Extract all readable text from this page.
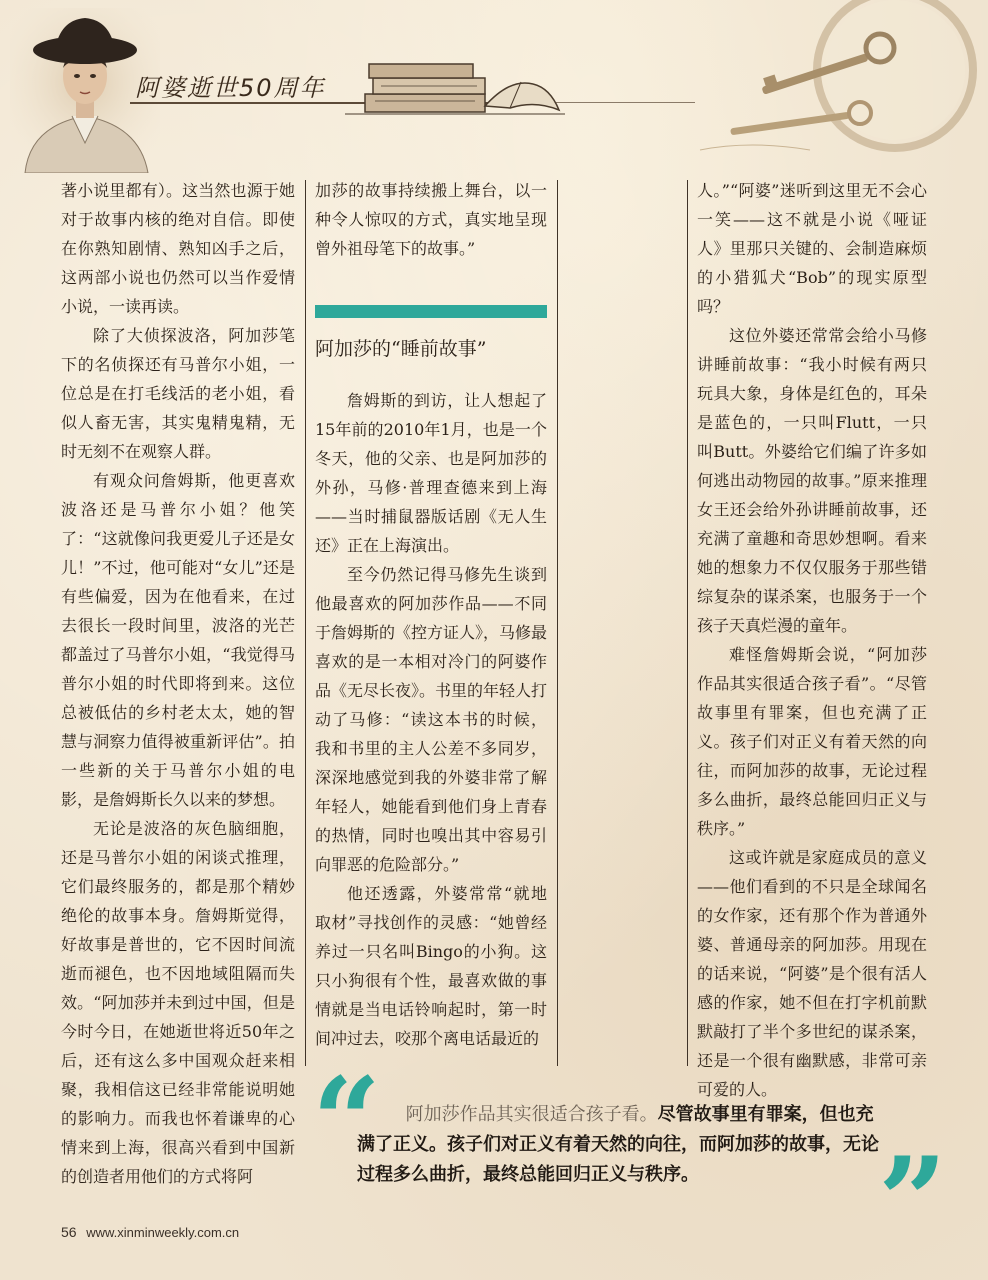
阿婆逝世50周年

著小说里都有）。这当然也源于她对于故事内核的绝对自信。即使在你熟知剧情、熟知凶手之后，这两部小说也仍然可以当作爱情小说，一读再读。

除了大侦探波洛，阿加莎笔下的名侦探还有马普尔小姐，一位总是在打毛线活的老小姐，看似人畜无害，其实鬼精鬼精，无时无刻不在观察人群。

有观众问詹姆斯，他更喜欢波洛还是马普尔小姐？他笑了：“这就像问我更爱儿子还是女儿！”不过，他可能对“女儿”还是有些偏爱，因为在他看来，在过去很长一段时间里，波洛的光芒都盖过了马普尔小姐，“我觉得马普尔小姐的时代即将到来。这位总被低估的乡村老太太，她的智慧与洞察力值得被重新评估”。拍一些新的关于马普尔小姐的电影，是詹姆斯长久以来的梦想。

无论是波洛的灰色脑细胞，还是马普尔小姐的闲谈式推理，它们最终服务的，都是那个精妙绝伦的故事本身。詹姆斯觉得，好故事是普世的，它不因时间流逝而褪色，也不因地域阻隔而失效。“阿加莎并未到过中国，但是今时今日，在她逝世将近50年之后，还有这么多中国观众赶来相聚，我相信这已经非常能说明她的影响力。而我也怀着谦卑的心情来到上海，很高兴看到中国新的创造者用他们的方式将阿

加莎的故事持续搬上舞台，以一种令人惊叹的方式，真实地呈现曾外祖母笔下的故事。”

阿加莎的“睡前故事”

詹姆斯的到访，让人想起了15年前的2010年1月，也是一个冬天，他的父亲、也是阿加莎的外孙，马修·普理查德来到上海——当时捕鼠器版话剧《无人生还》正在上海演出。

至今仍然记得马修先生谈到他最喜欢的阿加莎作品——不同于詹姆斯的《控方证人》，马修最喜欢的是一本相对冷门的阿婆作品《无尽长夜》。书里的年轻人打动了马修：“读这本书的时候，我和书里的主人公差不多同岁，深深地感觉到我的外婆非常了解年轻人，她能看到他们身上青春的热情，同时也嗅出其中容易引向罪恶的危险部分。”

他还透露，外婆常常“就地取材”寻找创作的灵感：“她曾经养过一只名叫Bingo的小狗。这只小狗很有个性，最喜欢做的事情就是当电话铃响起时，第一时间冲过去，咬那个离电话最近的

人。”“阿婆”迷听到这里无不会心一笑——这不就是小说《哑证人》里那只关键的、会制造麻烦的小猎狐犬“Bob”的现实原型吗？

这位外婆还常常会给小马修讲睡前故事：“我小时候有两只玩具大象，身体是红色的，耳朵是蓝色的，一只叫Flutt，一只叫Butt。外婆给它们编了许多如何逃出动物园的故事。”原来推理女王还会给外孙讲睡前故事，还充满了童趣和奇思妙想啊。看来她的想象力不仅仅服务于那些错综复杂的谋杀案，也服务于一个孩子天真烂漫的童年。

难怪詹姆斯会说，“阿加莎作品其实很适合孩子看”。“尽管故事里有罪案，但也充满了正义。孩子们对正义有着天然的向往，而阿加莎的故事，无论过程多么曲折，最终总能回归正义与秩序。”

这或许就是家庭成员的意义——他们看到的不只是全球闻名的女作家，还有那个作为普通外婆、普通母亲的阿加莎。用现在的话来说，“阿婆”是个很有活人感的作家，她不但在打字机前默默敲打了半个多世纪的谋杀案，还是一个很有幽默感，非常可亲可爱的人。

“	阿加莎作品其实很适合孩子看。尽管故事里有罪案，但也充满了正义。孩子们对正义有着天然的向往，而阿加莎的故事，无论过程多么曲折，最终总能回归正义与秩序。	”
56 www.xinminweekly.com.cn
